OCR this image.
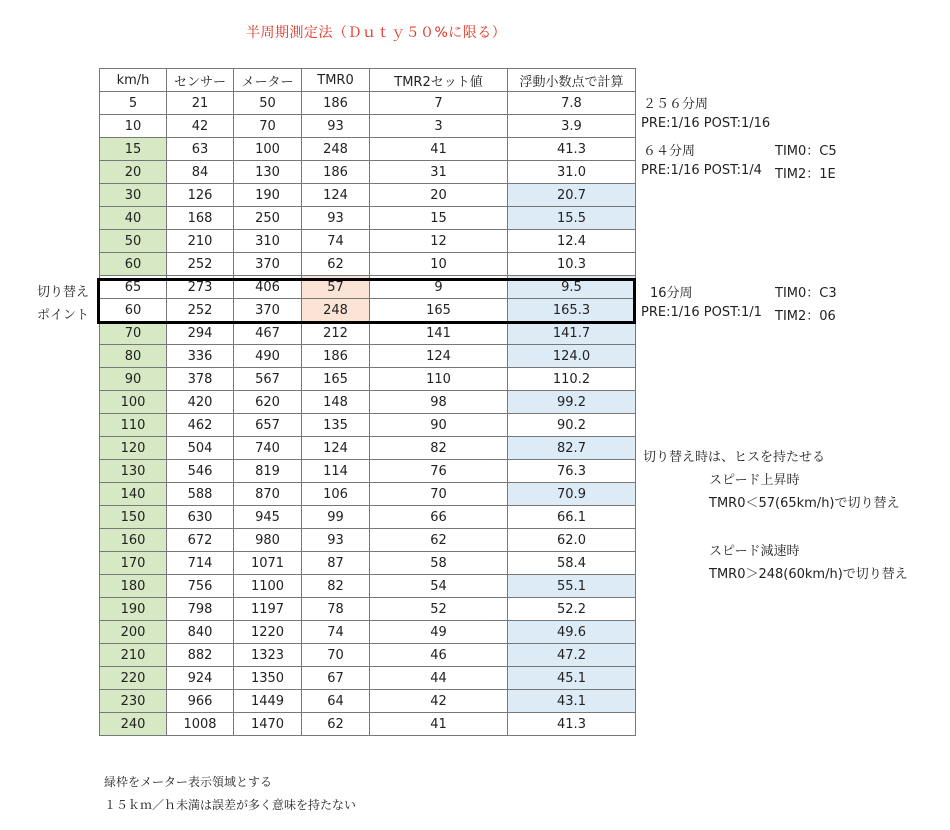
半周期測定法（Ｄｕｔｙ５０%に限る）
km/h	センサー	メーター	TMR0	TMR2セット値	浮動小数点で計算
5	21	50	186	7	7.8
10	42	70	93	3	3.9
15	63	100	248	41	41.3
20	84	130	186	31	31.0
30	126	190	124	20	20.7
40	168	250	93	15	15.5
50	210	310	74	12	12.4
60	252	370	62	10	10.3
65	273	406	57	9	9.5
60	252	370	248	165	165.3
70	294	467	212	141	141.7
80	336	490	186	124	124.0
90	378	567	165	110	110.2
100	420	620	148	98	99.2
110	462	657	135	90	90.2
120	504	740	124	82	82.7
130	546	819	114	76	76.3
140	588	870	106	70	70.9
150	630	945	99	66	66.1
160	672	980	93	62	62.0
170	714	1071	87	58	58.4
180	756	1100	82	54	55.1
190	798	1197	78	52	52.2
200	840	1220	74	49	49.6
210	882	1323	70	46	47.2
220	924	1350	67	44	45.1
230	966	1449	64	42	43.1
240	1008	1470	62	41	41.3
切り替え
ポイント
２５６分周
PRE:1/16 POST:1/16
６４分周	TIM0：C5
PRE:1/16 POST:1/4 TIM2：1E
16分周	TIM0：C3
PRE:1/16 POST:1/1 TIM2：06
切り替え時は、ヒスを持たせる
スピード上昇時
TMR0＜57(65km/h)で切り替え
スピード減速時
TMR0＞248(60km/h)で切り替え
緑枠をメーター表示領域とする
１５ｋｍ／ｈ未満は誤差が多く意味を持たない
